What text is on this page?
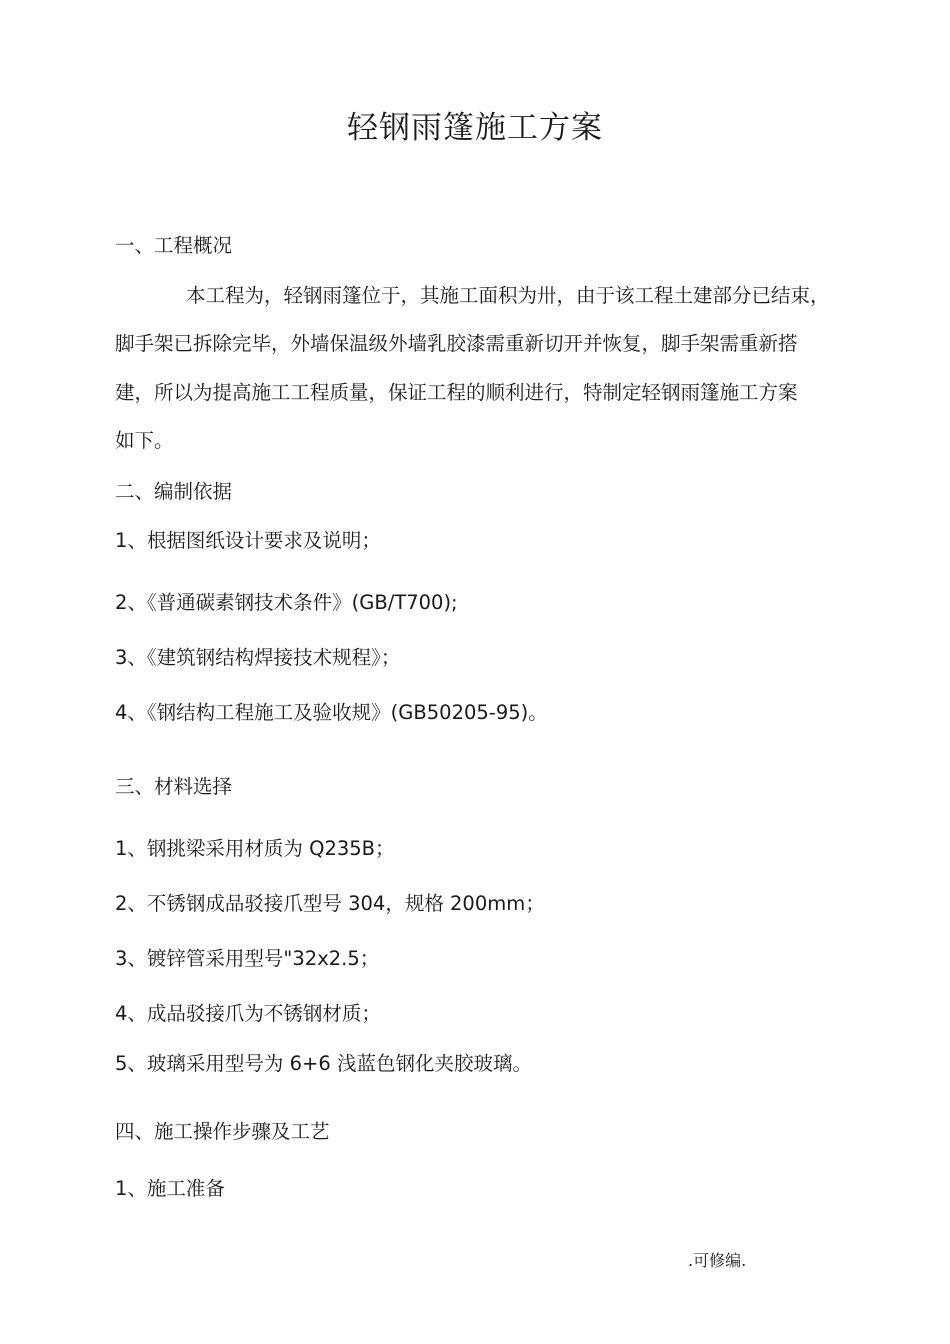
轻钢雨篷施工方案
一、工程概况
本工程为，轻钢雨篷位于，其施工面积为卅，由于该工程土建部分已结束，
脚手架已拆除完毕，外墙保温级外墙乳胶漆需重新切开并恢复，脚手架需重新搭
建，所以为提高施工工程质量，保证工程的顺利进行，特制定轻钢雨篷施工方案
如下。
二、编制依据
1、根据图纸设计要求及说明；
2、《普通碳素钢技术条件》(GB/T700);
3、《建筑钢结构焊接技术规程》；
4、《钢结构工程施工及验收规》(GB50205-95)。
三、材料选择
1、钢挑梁采用材质为 Q235B；
2、不锈钢成品驳接爪型号 304，规格 200mm；
3、镀锌管采用型号"32x2.5；
4、成品驳接爪为不锈钢材质；
5、玻璃采用型号为 6+6 浅蓝色钢化夹胶玻璃。
四、施工操作步骤及工艺
1、施工准备
.可修编.
